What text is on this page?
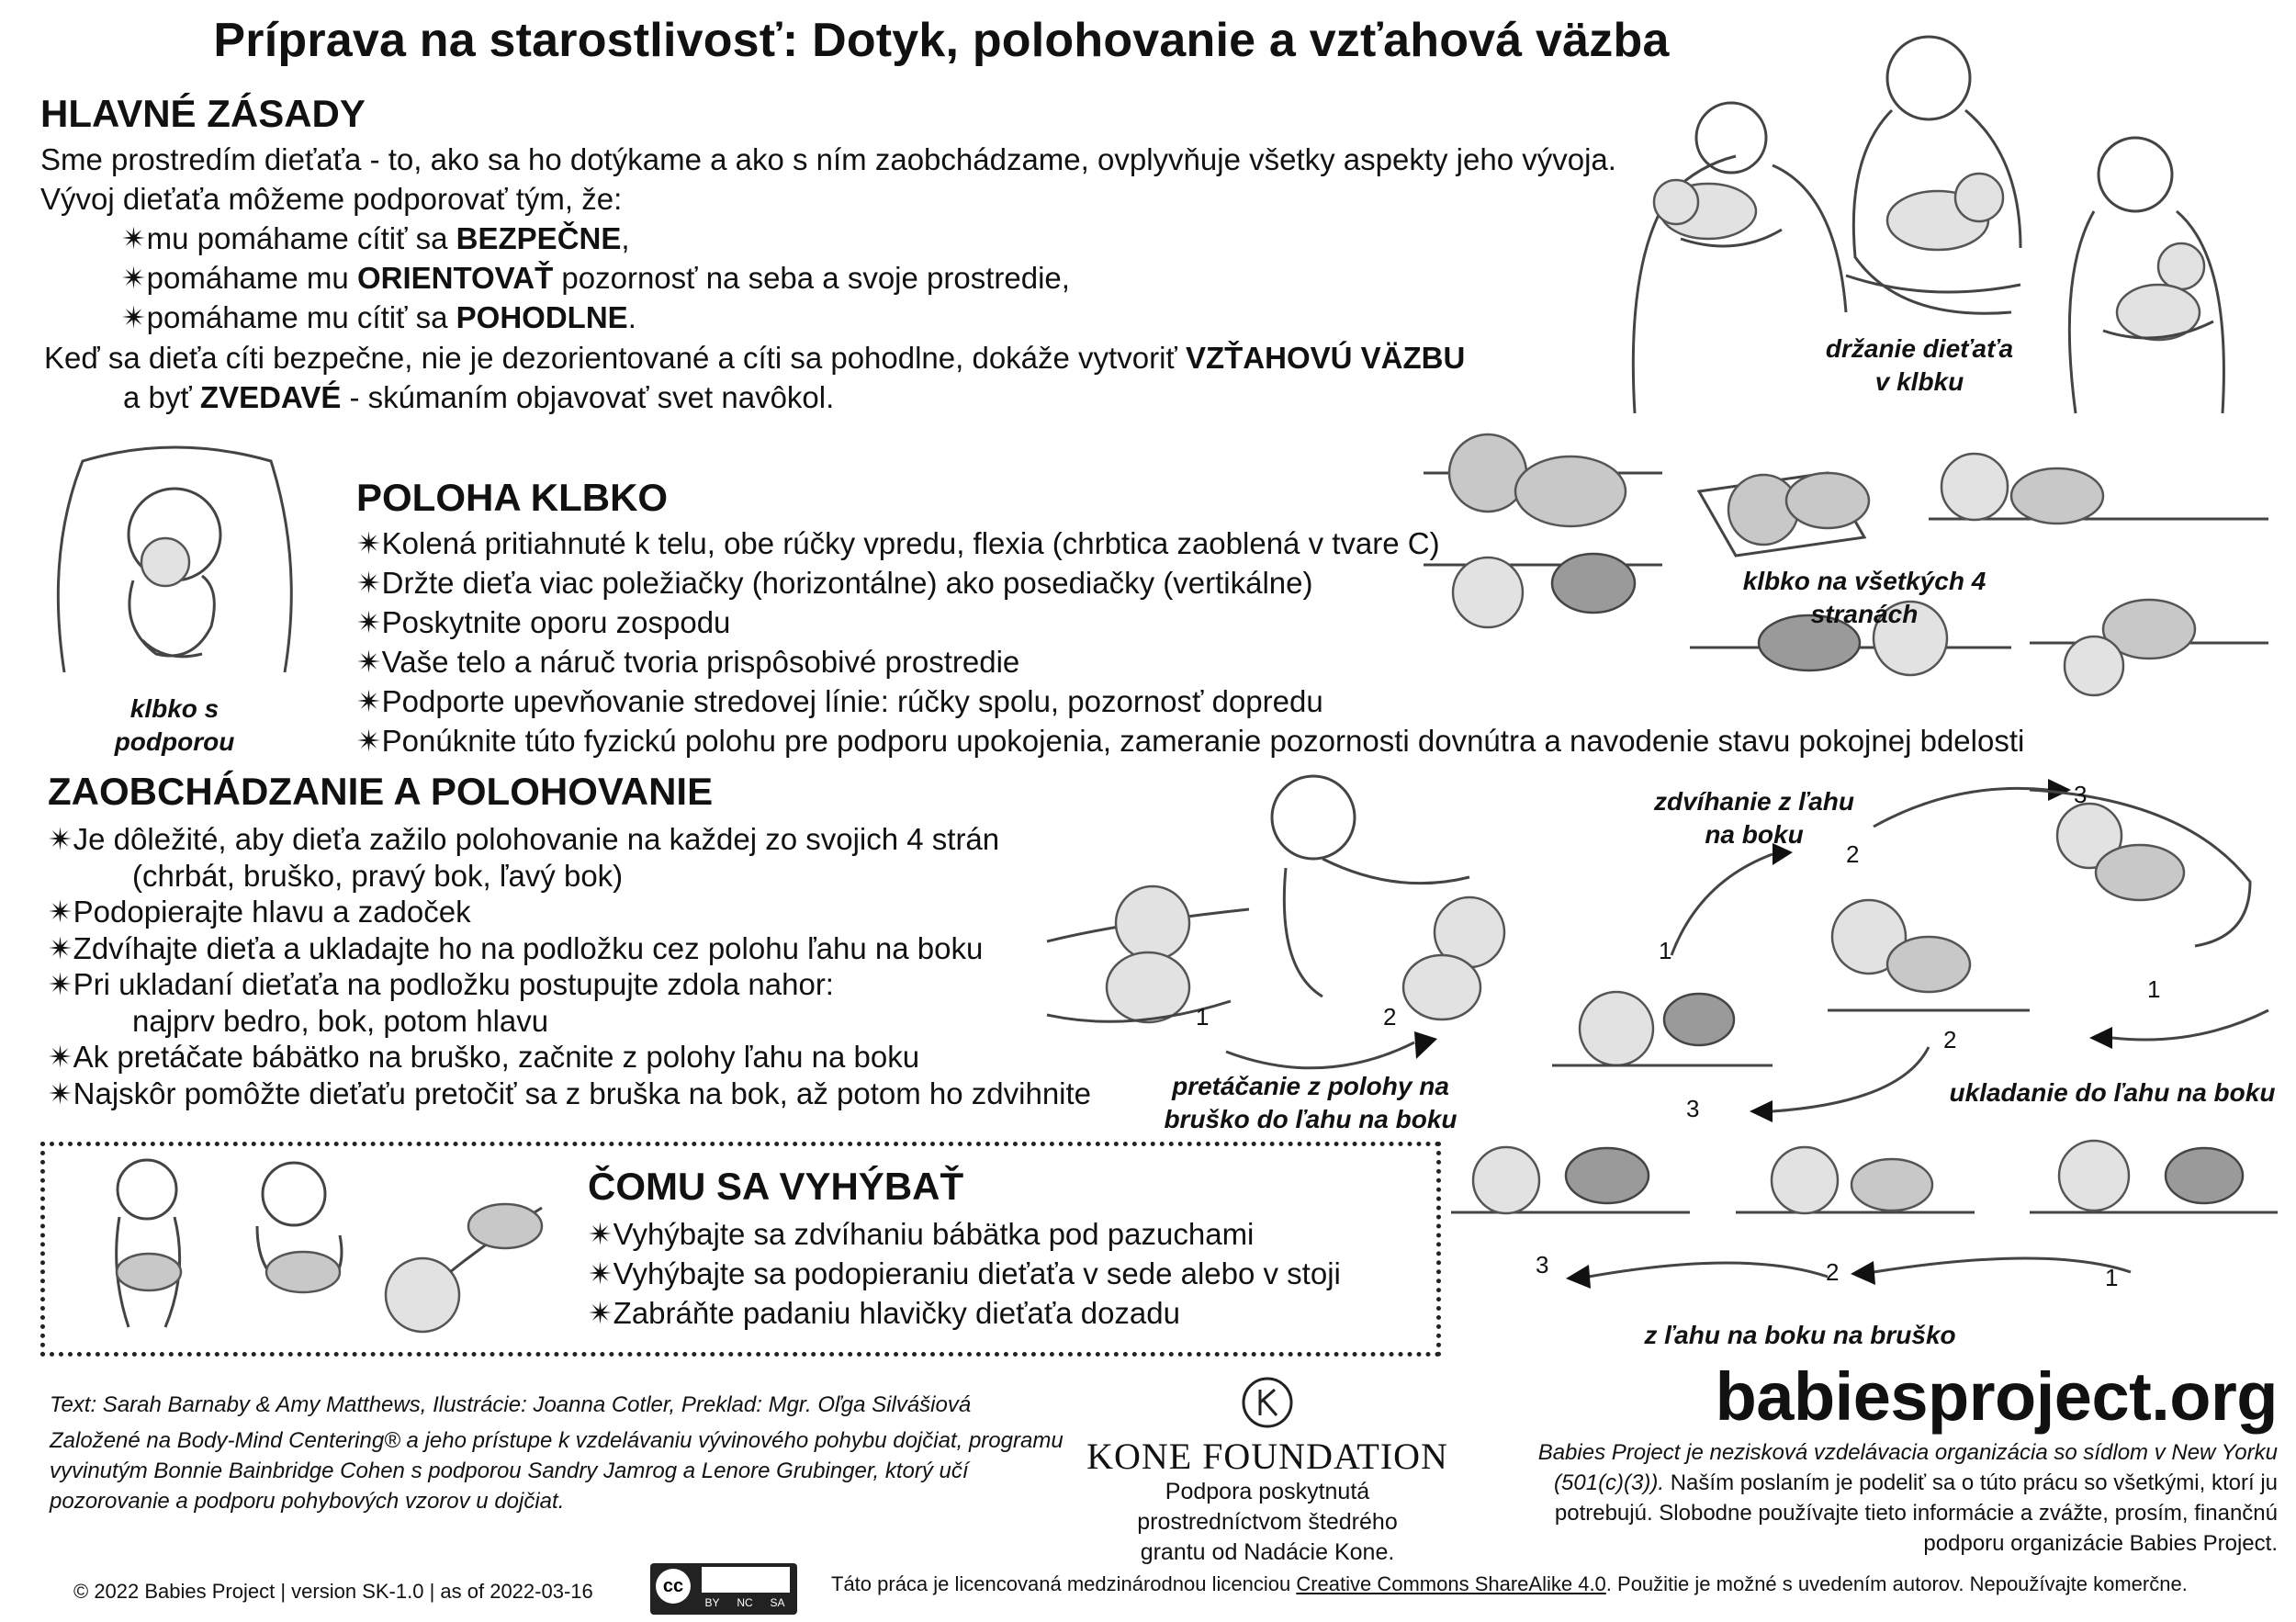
Príprava na starostlivosť: Dotyk, polohovanie a vzťahová väzba
HLAVNÉ ZÁSADY

Sme prostredím dieťaťa - to, ako sa ho dotýkame a ako s ním zaobchádzame, ovplyvňuje všetky aspekty jeho vývoja.

Vývoj dieťaťa môžeme podporovať tým, že:

✴mu pomáhame cítiť sa BEZPEČNE,

✴pomáhame mu ORIENTOVAŤ pozornosť na seba a svoje prostredie,

✴pomáhame mu cítiť sa POHODLNE.

Keď sa dieťa cíti bezpečne, nie je dezorientované a cíti sa pohodlne, dokáže vytvoriť VZŤAHOVÚ VÄZBU

a byť ZVEDAVÉ - skúmaním objavovať svet navôkol.

držanie dieťaťa
v klbku
klbko s
podporou
POLOHA KLBKO

✴Kolená pritiahnuté k telu, obe rúčky vpredu, flexia (chrbtica zaoblená v tvare C)

✴Držte dieťa viac poležiačky (horizontálne) ako posediačky (vertikálne)

✴Poskytnite oporu zospodu

✴Vaše telo a náruč tvoria prispôsobivé prostredie

✴Podporte upevňovanie stredovej línie: rúčky spolu, pozornosť dopredu

✴Ponúknite túto fyzickú polohu pre podporu upokojenia, zameranie pozornosti dovnútra a navodenie stavu pokojnej bdelosti

klbko na všetkých 4 stranách
ZAOBCHÁDZANIE A POLOHOVANIE

✴Je dôležité, aby dieťa zažilo polohovanie na každej zo svojich 4 strán

(chrbát, bruško, pravý bok, ľavý bok)

✴Podopierajte hlavu a zadoček

✴Zdvíhajte dieťa a ukladajte ho na podložku cez polohu ľahu na boku

✴Pri ukladaní dieťaťa na podložku postupujte zdola nahor:

najprv bedro, bok, potom hlavu

✴Ak pretáčate bábätko na bruško, začnite z polohy ľahu na boku

✴Najskôr pomôžte dieťaťu pretočiť sa z bruška na bok, až potom ho zdvihnite

1	2
pretáčanie z polohy na
bruško do ľahu na boku
zdvíhanie z ľahu
na boku
1
2
3
1
2
3
ukladanie do ľahu na boku
3	2	1
z ľahu na boku na bruško
ČOMU SA VYHÝBAŤ

✴Vyhýbajte sa zdvíhaniu bábätka pod pazuchami

✴Vyhýbajte sa podopieraniu dieťaťa v sede alebo v stoji

✴Zabráňte padaniu hlavičky dieťaťa dozadu

Text: Sarah Barnaby & Amy Matthews, Ilustrácie: Joanna Cotler, Preklad: Mgr. Oľga Silvášiová
Založené na Body-Mind Centering® a jeho prístupe k vzdelávaniu vývinového pohybu dojčiat, programu vyvinutým Bonnie Bainbridge Cohen s podporou Sandry Jamrog a Lenore Grubinger, ktorý učí pozorovanie a podporu pohybových vzorov u dojčiat.
KONE FOUNDATION
Podpora poskytnutá
prostredníctvom štedrého
grantu od Nadácie Kone.
babiesproject.org
Babies Project je nezisková vzdelávacia organizácia so sídlom v New Yorku (501(c)(3)). Naším poslaním je podeliť sa o túto prácu so všetkými, ktorí ju potrebujú. Slobodne používajte tieto informácie a zvážte, prosím, finančnú podporu organizácie Babies Project.
© 2022 Babies Project | version SK-1.0 | as of 2022-03-16	cc
BY NC SA
Táto práca je licencovaná medzinárodnou licenciou Creative Commons ShareAlike 4.0. Použitie je možné s uvedením autorov. Nepoužívajte komerčne.
